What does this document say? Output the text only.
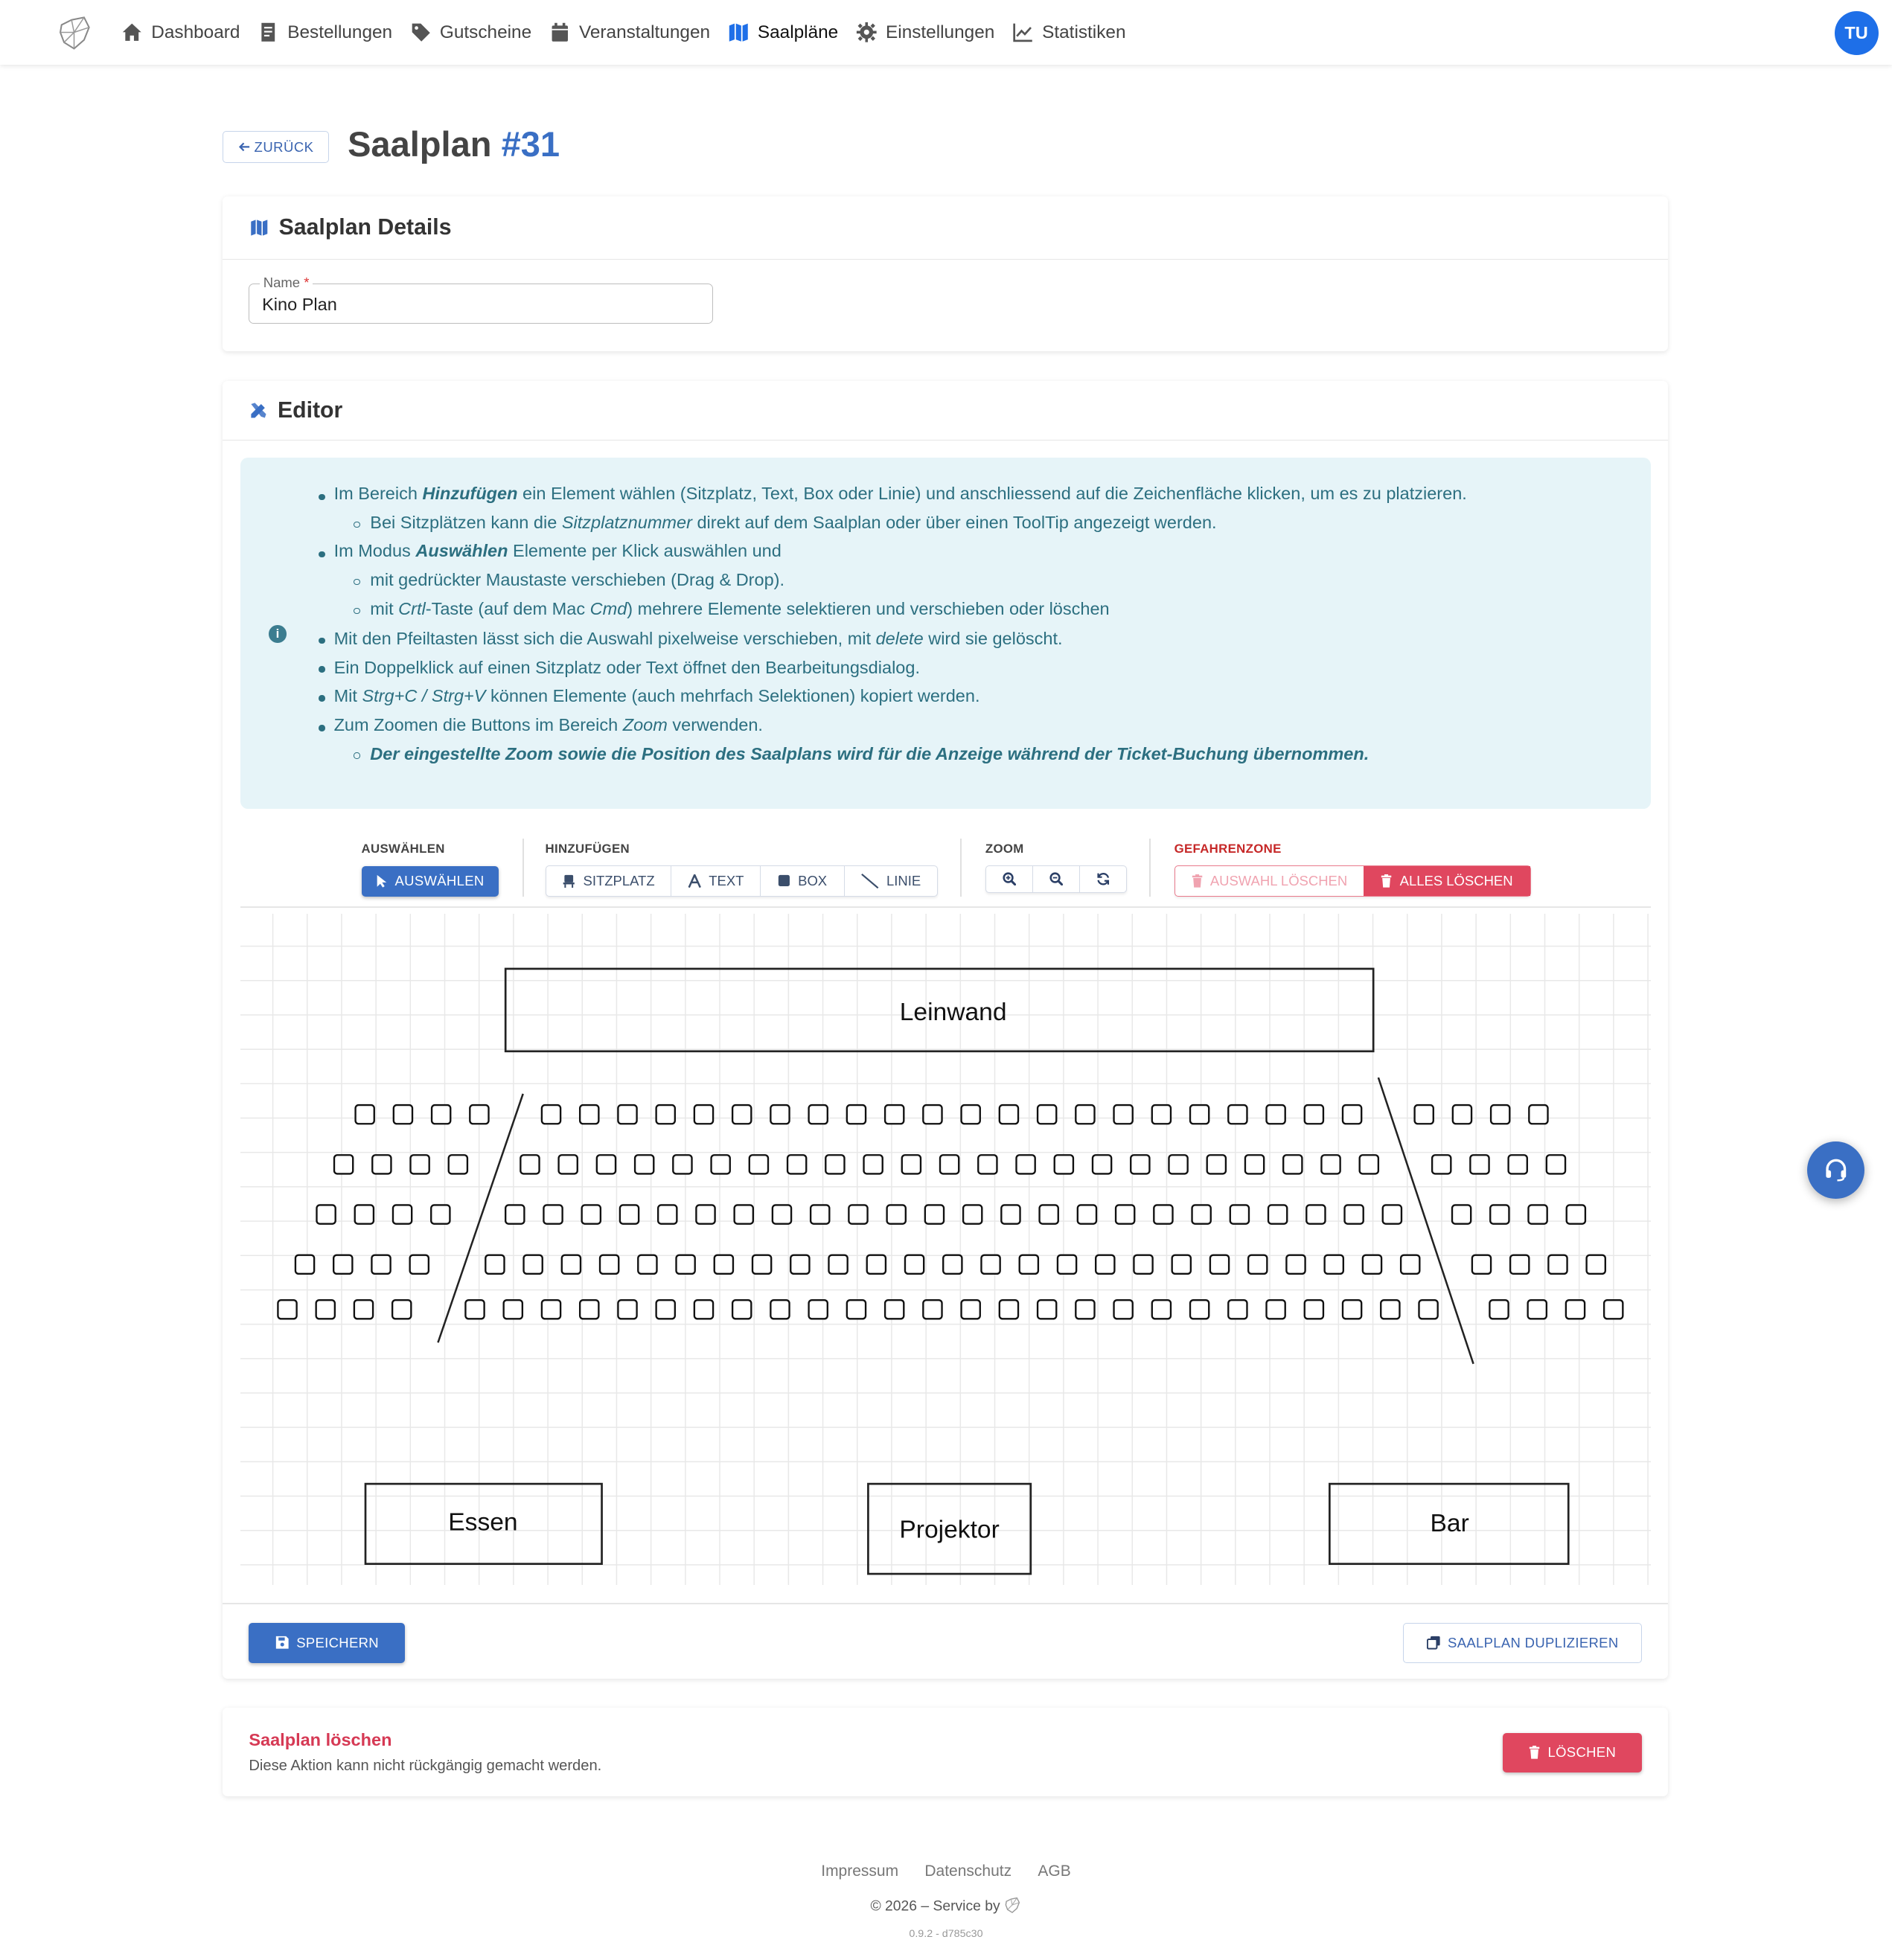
Dashboard	Bestellungen	Gutscheine	Veranstaltungen	Saalpläne	Einstellungen	Statistiken	TU
ZURÜCK Saalplan #31
Saalplan Details
Name *
Kino Plan
Editor
i
Im Bereich Hinzufügen ein Element wählen (Sitzplatz, Text, Box oder Linie) und anschliessend auf die Zeichenfläche klicken, um es zu platzieren.
Bei Sitzplätzen kann die Sitzplatznummer direkt auf dem Saalplan oder über einen ToolTip angezeigt werden.
Im Modus Auswählen Elemente per Klick auswählen und
mit gedrückter Maustaste verschieben (Drag & Drop).
mit Crtl-Taste (auf dem Mac Cmd) mehrere Elemente selektieren und verschieben oder löschen
Mit den Pfeiltasten lässt sich die Auswahl pixelweise verschieben, mit delete wird sie gelöscht.
Ein Doppelklick auf einen Sitzplatz oder Text öffnet den Bearbeitungsdialog.
Mit Strg+C / Strg+V können Elemente (auch mehrfach Selektionen) kopiert werden.
Zum Zoomen die Buttons im Bereich Zoom verwenden.
Der eingestellte Zoom sowie die Position des Saalplans wird für die Anzeige während der Ticket-Buchung übernommen.
AUSWÄHLEN
AUSWÄHLEN
HINZUFÜGEN
SITZPLATZ	TEXT	BOX	LINIE
ZOOM	GEFAHRENZONE
AUSWAHL LÖSCHEN	ALLES LÖSCHEN
Leinwand
Essen	Projektor	Bar
SPEICHERN	SAALPLAN DUPLIZIEREN
Saalplan löschen
Diese Aktion kann nicht rückgängig gemacht werden.
LÖSCHEN
Impressum	Datenschutz	AGB
© 2026 – Service by
0.9.2 - d785c30
